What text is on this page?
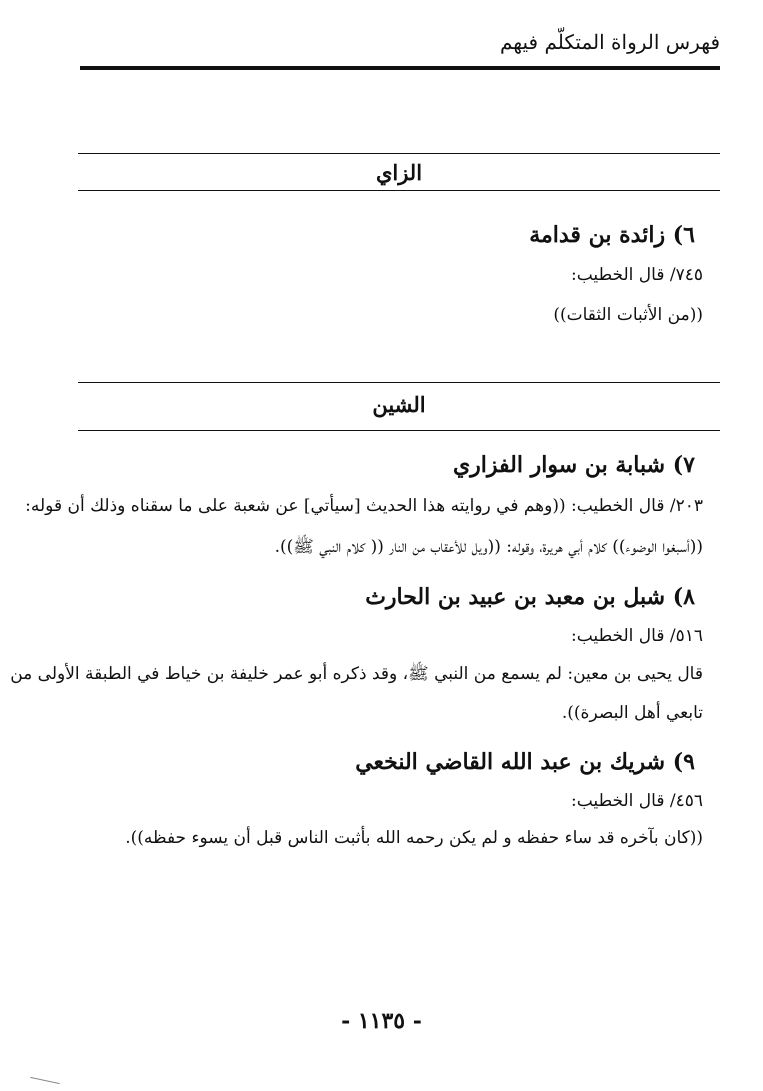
فهرس الرواة المتكلّم فيهم
الزاي
٦) زائدة بن قدامة
٧٤٥/ قال الخطيب:
((من الأثبات الثقات))
الشين
٧) شبابة بن سوار الفزاري
٢٠٣/ قال الخطيب: ((وهم في روايته هذا الحديث [سيأتي] عن شعبة على ما سقناه وذلك أن قوله:
((أسبغوا الوضوء)) كلام أبي هريرة، وقوله: ((ويل للأعقاب من النار (( كلام النبي ﷺ)).
٨) شبل بن معبد بن عبيد بن الحارث
٥١٦/ قال الخطيب:
قال يحيى بن معين: لم يسمع من النبي ﷺ، وقد ذكره أبو عمر خليفة بن خياط في الطبقة الأولى من
تابعي أهل البصرة)).
٩) شريك بن عبد الله القاضي النخعي
٤٥٦/ قال الخطيب:
((كان بآخره قد ساء حفظه و لم يكن رحمه الله بأثبت الناس قبل أن يسوء حفظه)).
- ١١٣٥ -
